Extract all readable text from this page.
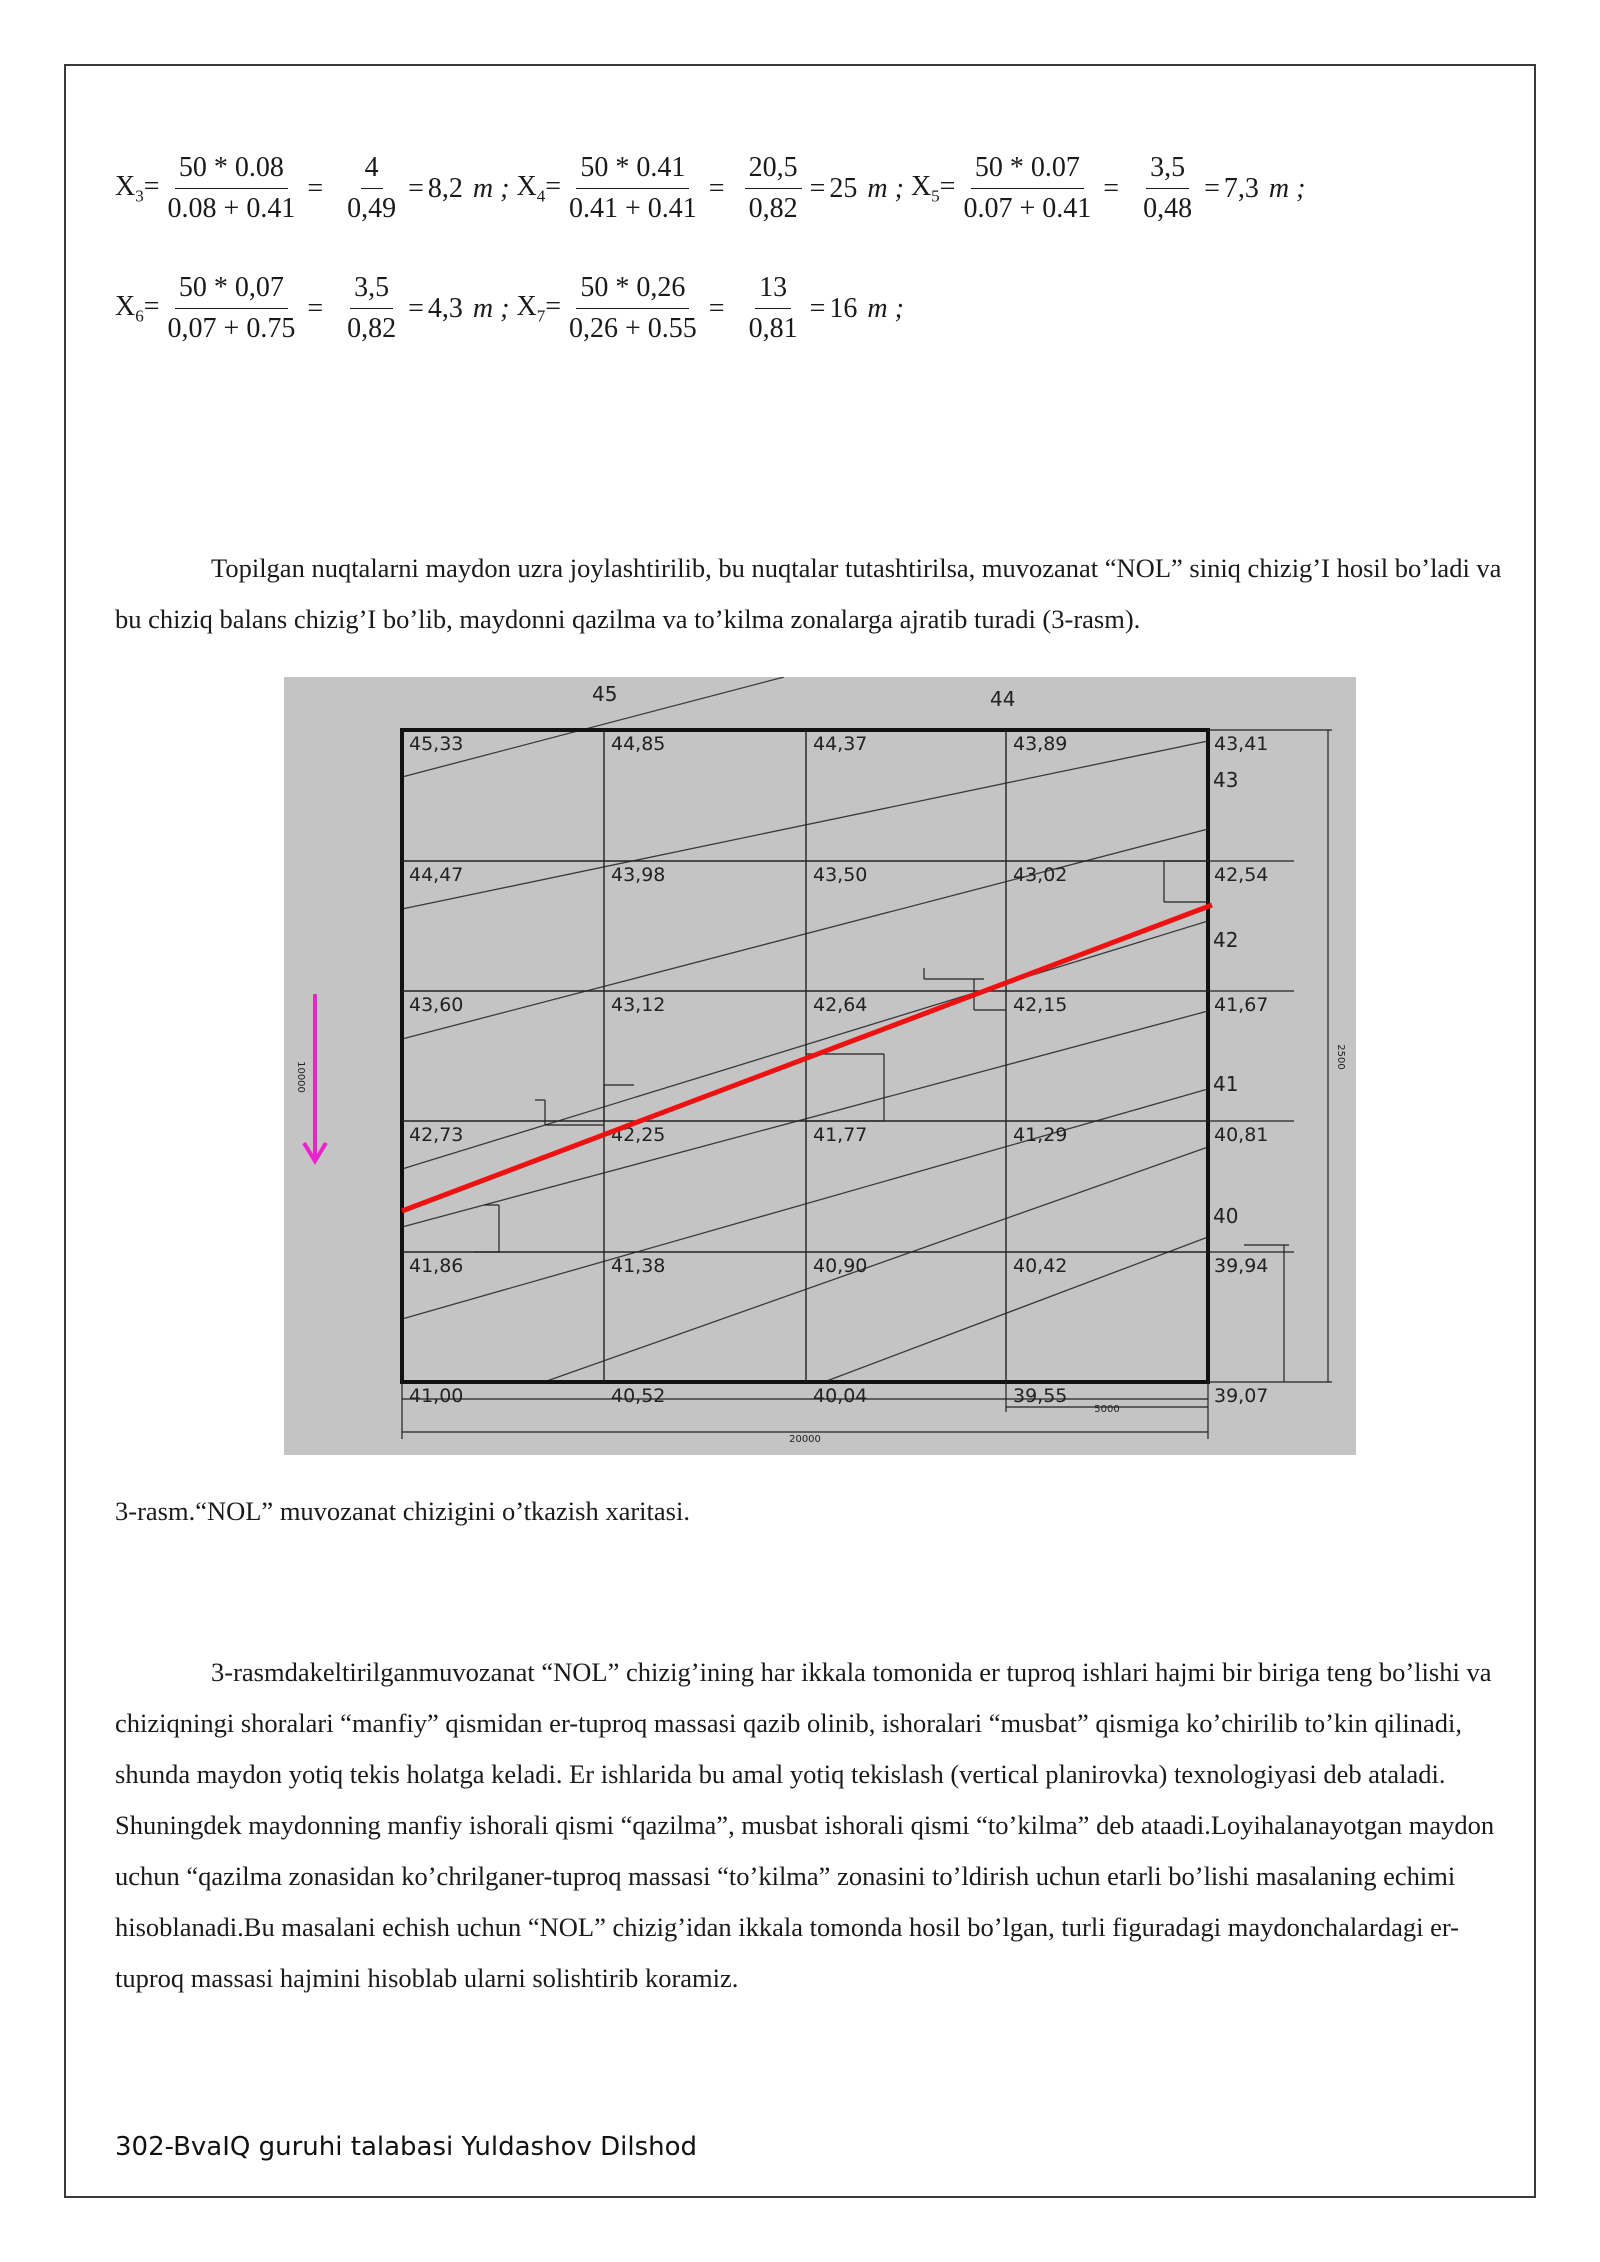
$X_3= \frac{50 * 0.08}{0.08 + 0.41} = \frac{4}{0,49} = 8,2$ m ;
$X_4= \frac{50 * 0.41}{0.41 + 0.41} = \frac{20,5}{0,82} = 25$ m ;
$X_5= \frac{50 * 0.07}{0.07 + 0.41} = \frac{3,5}{0,48} = 7,3$ m ;
$X_6= \frac{50 * 0,07}{0,07 + 0.75} = \frac{3,5}{0,82} = 4,3$ m ;
$X_7= \frac{50 * 0,26}{0,26 + 0.55} = \frac{13}{0,81} = 16$ m ;

Topilgan nuqtalarni maydon uzra joylashtirilib, bu nuqtalar tutashtirilsa, muvozanat “NOL” siniq chizig’I hosil bo’ladi va bu chiziq balans chizig’I bo’lib, maydonni qazilma va to’kilma zonalarga ajratib turadi (3-rasm).

45,33	44,85	44,37	43,89	43,41
44,47	43,98	43,50	43,02	42,54
43,60	43,12	42,64	42,15	41,67
42,73	42,25	41,77	41,29	40,81
41,86	41,38	40,90	40,42	39,94
41,00	40,52	40,04	39,55	39,07
45	44
43
42
41
40
20000
5000
2500
10000
3-rasm.“NOL” muvozanat chizigini o’tkazish xaritasi.

3-rasmdakeltirilganmuvozanat “NOL” chizig’ining har ikkala tomonida er tuproq ishlari hajmi bir biriga teng bo’lishi va chiziqningi shoralari “manfiy” qismidan er-tuproq massasi qazib olinib, ishoralari “musbat” qismiga ko’chirilib to’kin qilinadi, shunda maydon yotiq tekis holatga keladi. Er ishlarida bu amal yotiq tekislash (vertical planirovka) texnologiyasi deb ataladi. Shuningdek maydonning manfiy ishorali qismi “qazilma”, musbat ishorali qismi “to’kilma” deb ataadi.Loyihalanayotgan maydon uchun “qazilma zonasidan ko’chrilganer-tuproq massasi “to’kilma” zonasini to’ldirish uchun etarli bo’lishi masalaning echimi hisoblanadi.Bu masalani echish uchun “NOL” chizig’idan ikkala tomonda hosil bo’lgan, turli figuradagi maydonchalardagi er-tuproq massasi hajmini hisoblab ularni solishtirib koramiz.

302-BvaIQ guruhi talabasi Yuldashov Dilshod
